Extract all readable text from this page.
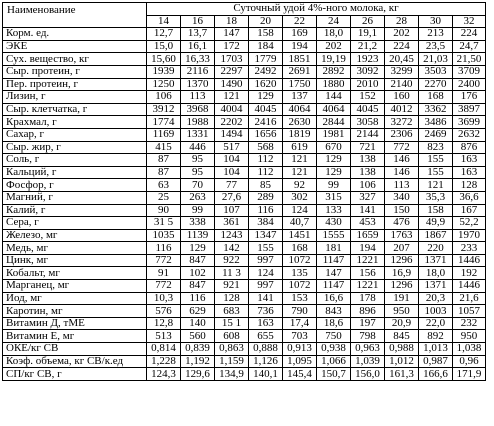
Наименование	Суточный удой 4%-ного молока, кг									
	14	16	18	20	22	24	26	28	30	32
Корм. ед.	12,7	13,7	147	158	169	18,0	19,1	202	213	224
ЭКЕ	15,0	16,1	172	184	194	202	21,2	224	23,5	24,7
Сух. вещество, кг	15,60	16,33	1703	1779	1851	19,19	1923	20,45	21,03	21,50
Сыр. протеин, г	1939	2116	2297	2492	2691	2892	3092	3299	3503	3709
Пер. протеин, г	1250	1370	1490	1620	1750	1880	2010	2140	2270	2400
Лизин, г	106	113	121	129	137	144	152	160	168	176
Сыр. клетчатка, г	3912	3968	4004	4045	4064	4064	4045	4012	3362	3897
Крахмал, г	1774	1988	2202	2416	2630	2844	3058	3272	3486	3699
Сахар, г	1169	1331	1494	1656	1819	1981	2144	2306	2469	2632
Сыр. жир, г	415	446	517	568	619	670	721	772	823	876
Соль, г	87	95	104	112	121	129	138	146	155	163
Кальций, г	87	95	104	112	121	129	138	146	155	163
Фосфор, г	63	70	77	85	92	99	106	113	121	128
Магний, г	25	263	27,6	289	302	315	327	340	35,3	36,6
Калий, г	90	99	107	116	124	133	141	150	158	167
Сера, г	31 5	338	361	384	40,7	430	453	476	49,9	52,2
Железо, мг	1035	1139	1243	1347	1451	1555	1659	1763	1867	1970
Медь, мг	116	129	142	155	168	181	194	207	220	233
Цинк, мг	772	847	922	997	1072	1147	1221	1296	1371	1446
Кобальт, мг	91	102	11 3	124	135	147	156	16,9	18,0	192
Марганец, мг	772	847	921	997	1072	1147	1221	1296	1371	1446
Иод, мг	10,3	116	128	141	153	16,6	178	191	20,3	21,6
Каротин, мг	576	629	683	736	790	843	896	950	1003	1057
Витамин Д, тМЕ	12,8	140	15 1	163	17,4	18,6	197	20,9	22,0	232
Витамин Е, мг	513	560	608	655	703	750	798	845	892	950
ОКЕ/кг СВ	0,814	0,839	0,863	0,888	0,913	0,938	0,963	0,988	1,013	1,038
Коэф. объема, кг СВ/к.ед	1,228	1,192	1,159	1,126	1,095	1,066	1,039	1,012	0,987	0,96
СП/кг СВ, г	124,3	129,6	134,9	140,1	145,4	150,7	156,0	161,3	166,6	171,9
